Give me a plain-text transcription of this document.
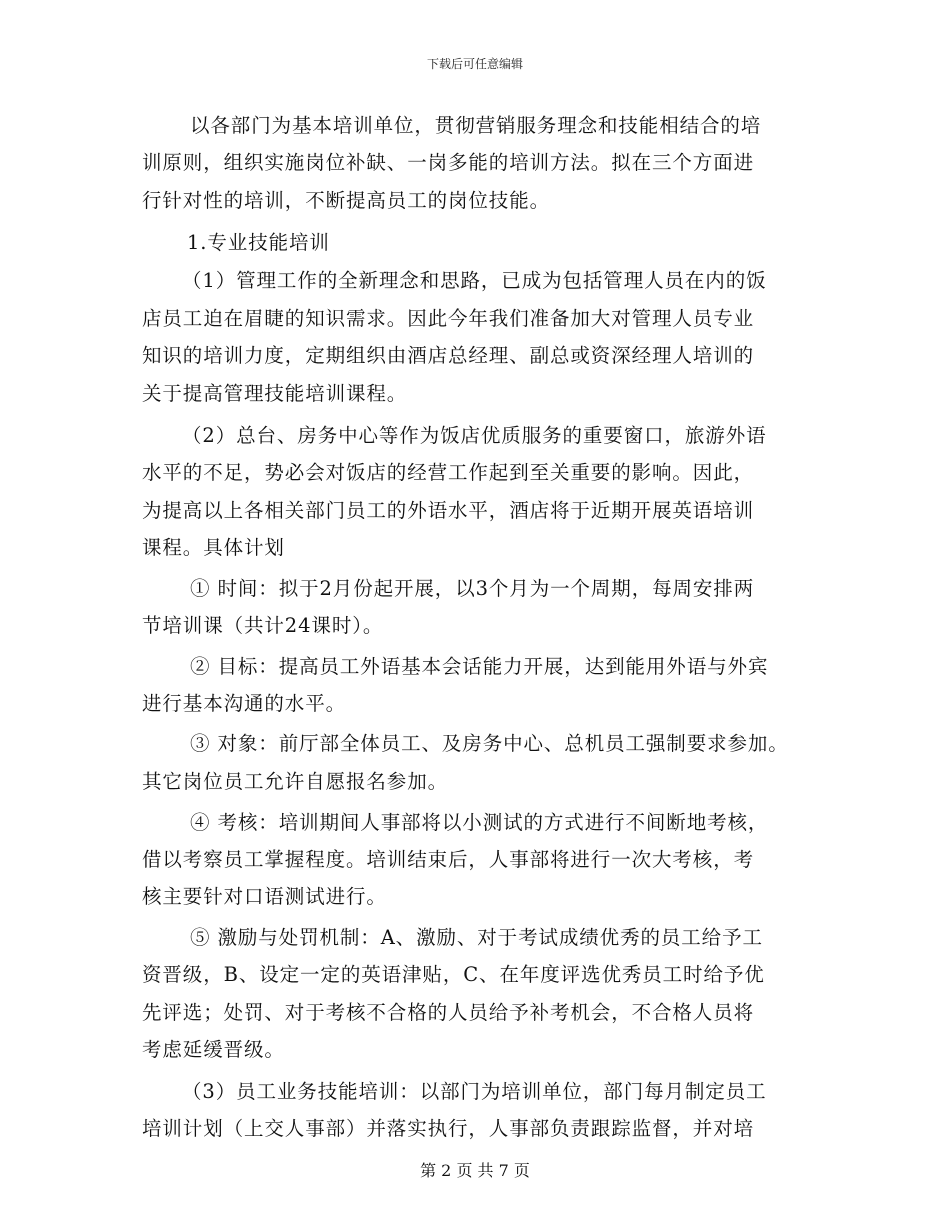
下载后可任意编辑
以各部门为基本培训单位，贯彻营销服务理念和技能相结合的培
训原则，组织实施岗位补缺、一岗多能的培训方法。拟在三个方面进
行针对性的培训，不断提高员工的岗位技能。
1.专业技能培训
（1）管理工作的全新理念和思路，已成为包括管理人员在内的饭
店员工迫在眉睫的知识需求。因此今年我们准备加大对管理人员专业
知识的培训力度，定期组织由酒店总经理、副总或资深经理人培训的
关于提高管理技能培训课程。
（2）总台、房务中心等作为饭店优质服务的重要窗口，旅游外语
水平的不足，势必会对饭店的经营工作起到至关重要的影响。因此，
为提高以上各相关部门员工的外语水平，酒店将于近期开展英语培训
课程。具体计划
① 时间：拟于2月份起开展，以3个月为一个周期，每周安排两
节培训课（共计24课时）。
② 目标：提高员工外语基本会话能力开展，达到能用外语与外宾
进行基本沟通的水平。
③ 对象：前厅部全体员工、及房务中心、总机员工强制要求参加。
其它岗位员工允许自愿报名参加。
④ 考核：培训期间人事部将以小测试的方式进行不间断地考核，
借以考察员工掌握程度。培训结束后，人事部将进行一次大考核，考
核主要针对口语测试进行。
⑤ 激励与处罚机制：A、激励、对于考试成绩优秀的员工给予工
资晋级，B、设定一定的英语津贴，C、在年度评选优秀员工时给予优
先评选；处罚、对于考核不合格的人员给予补考机会，不合格人员将
考虑延缓晋级。
（3）员工业务技能培训：以部门为培训单位，部门每月制定员工
培训计划（上交人事部）并落实执行，人事部负责跟踪监督，并对培
第 2 页 共 7 页
